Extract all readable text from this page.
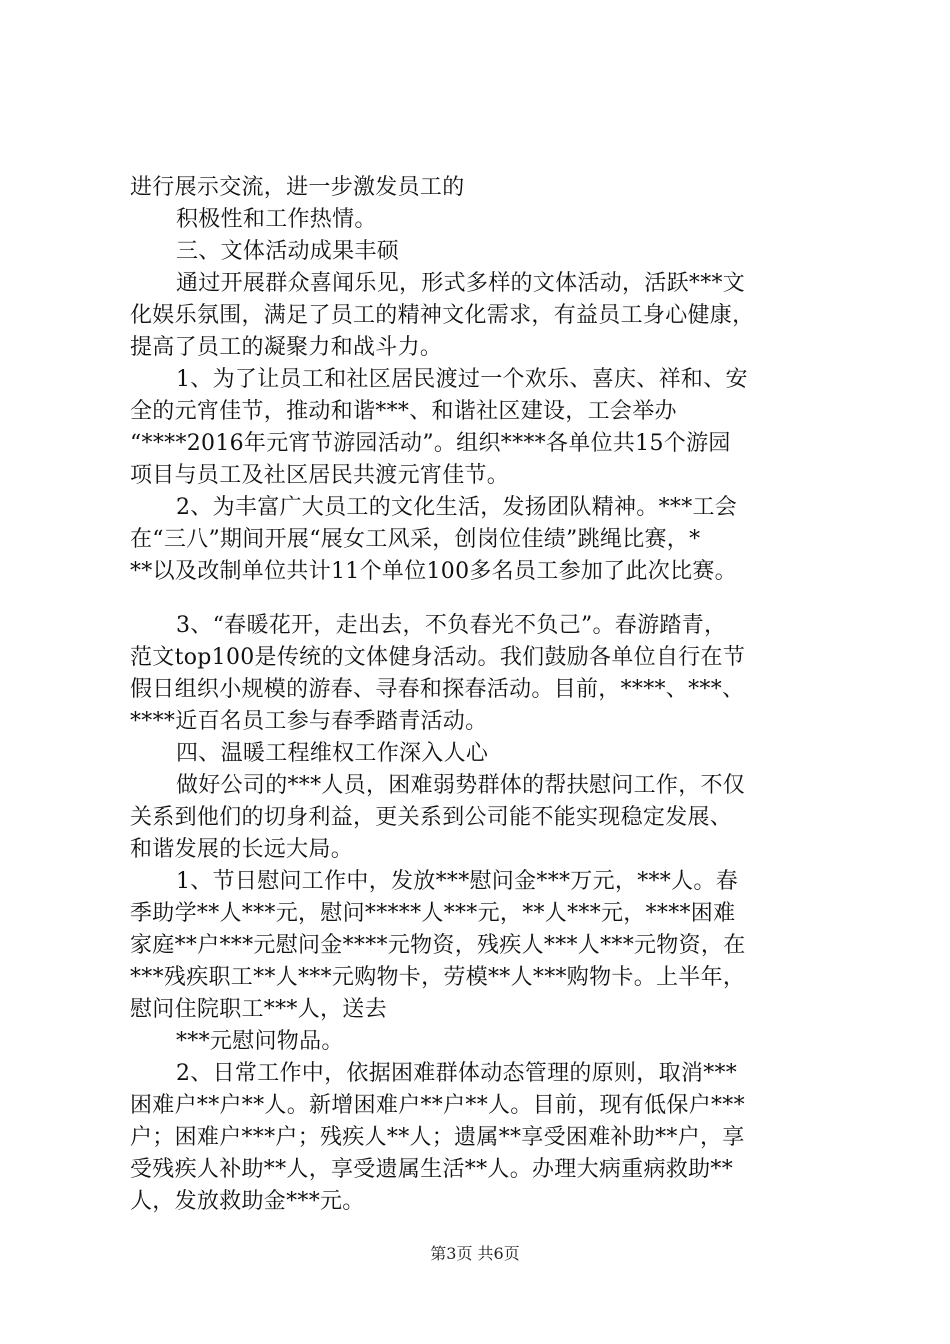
进行展示交流，进一步激发员工的
积极性和工作热情。
三、文体活动成果丰硕
通过开展群众喜闻乐见，形式多样的文体活动，活跃***文
化娱乐氛围，满足了员工的精神文化需求，有益员工身心健康，
提高了员工的凝聚力和战斗力。
1、为了让员工和社区居民渡过一个欢乐、喜庆、祥和、安
全的元宵佳节，推动和谐***、和谐社区建设，工会举办
“****2016年元宵节游园活动”。组织****各单位共15个游园
项目与员工及社区居民共渡元宵佳节。
2、为丰富广大员工的文化生活，发扬团队精神。***工会
在“三八”期间开展“展女工风采，创岗位佳绩”跳绳比赛，*
**以及改制单位共计11个单位100多名员工参加了此次比赛。
3、“春暖花开，走出去，不负春光不负己”。春游踏青，
范文top100是传统的文体健身活动。我们鼓励各单位自行在节
假日组织小规模的游春、寻春和探春活动。目前，****、***、
****近百名员工参与春季踏青活动。
四、温暖工程维权工作深入人心
做好公司的***人员，困难弱势群体的帮扶慰问工作，不仅
关系到他们的切身利益，更关系到公司能不能实现稳定发展、
和谐发展的长远大局。
1、节日慰问工作中，发放***慰问金***万元，***人。春
季助学**人***元，慰问*****人***元，**人***元，****困难
家庭**户***元慰问金****元物资，残疾人***人***元物资，在
***残疾职工**人***元购物卡，劳模**人***购物卡。上半年，
慰问住院职工***人，送去
***元慰问物品。
2、日常工作中，依据困难群体动态管理的原则，取消***
困难户**户**人。新增困难户**户**人。目前，现有低保户***
户；困难户***户；残疾人**人；遗属**享受困难补助**户，享
受残疾人补助**人，享受遗属生活**人。办理大病重病救助**
人，发放救助金***元。
第3页 共6页
